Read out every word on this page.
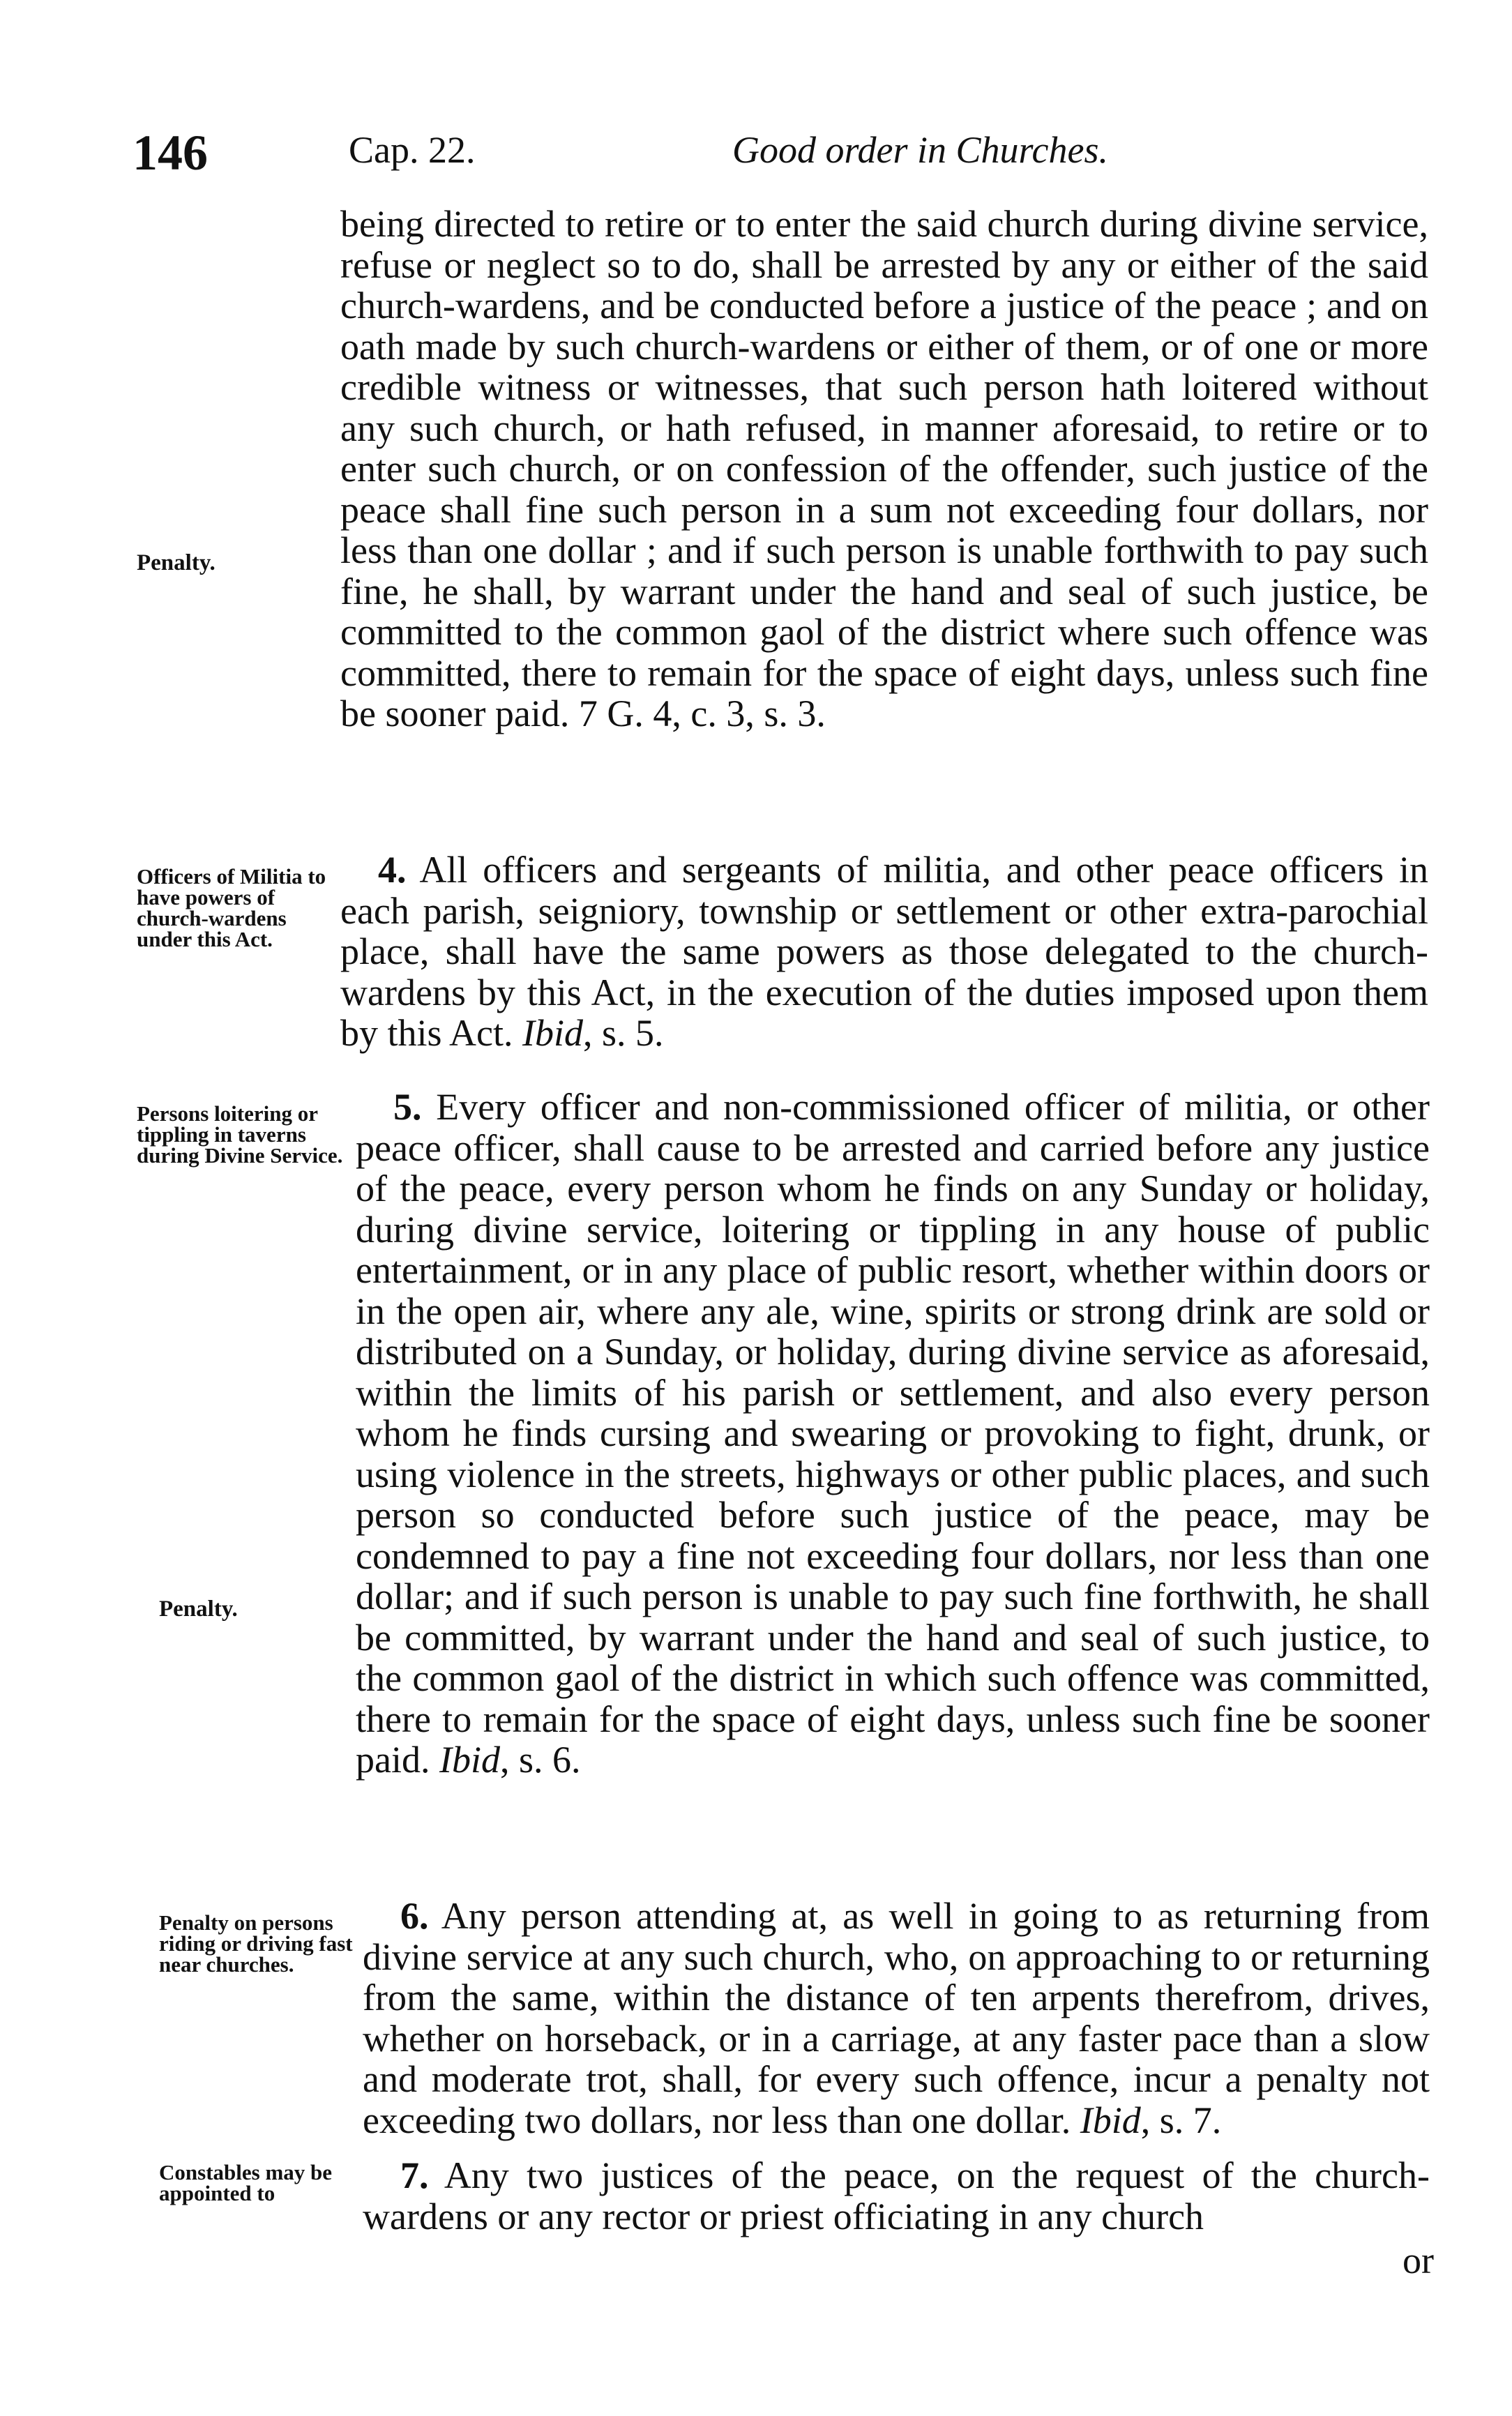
146	Cap. 22.	Good order in Churches.

being directed to retire or to enter the said church during divine service, refuse or neglect so to do, shall be arrested by any or either of the said church-wardens, and be conducted before a justice of the peace ; and on oath made by such church-wardens or either of them, or of one or more credible witness or witnesses, that such person hath loitered without any such church, or hath refused, in manner aforesaid, to retire or to enter such church, or on confession of the offender, such justice of the peace shall fine such person in a sum not exceeding four dollars, nor less than one dollar ; and if such person is unable forthwith to pay such fine, he shall, by warrant under the hand and seal of such justice, be committed to the common gaol of the district where such offence was committed, there to remain for the space of eight days, unless such fine be sooner paid. 7 G. 4, c. 3, s. 3.

Penalty.
Officers of Militia to have powers of church-wardens under this Act.

 4. All officers and sergeants of militia, and other peace officers in each parish, seigniory, township or settlement or other extra-parochial place, shall have the same powers as those delegated to the church-wardens by this Act, in the execution of the duties imposed upon them by this Act. Ibid, s. 5.

Persons loitering or tippling in taverns during Divine Service.

 5. Every officer and non-commissioned officer of militia, or other peace officer, shall cause to be arrested and carried before any justice of the peace, every person whom he finds on any Sunday or holiday, during divine service, loitering or tippling in any house of public entertainment, or in any place of public resort, whether within doors or in the open air, where any ale, wine, spirits or strong drink are sold or distributed on a Sunday, or holiday, during divine service as aforesaid, within the limits of his parish or settlement, and also every person whom he finds cursing and swearing or provoking to fight, drunk, or using violence in the streets, highways or other public places, and such person so conducted before such justice of the peace, may be condemned to pay a fine not exceeding four dollars, nor less than one dollar; and if such person is unable to pay such fine forthwith, he shall be committed, by warrant under the hand and seal of such justice, to the common gaol of the district in which such offence was committed, there to remain for the space of eight days, unless such fine be sooner paid. Ibid, s. 6.

Penalty.
Penalty on persons riding or driving fast near churches.

 6. Any person attending at, as well in going to as returning from divine service at any such church, who, on approaching to or returning from the same, within the distance of ten arpents therefrom, drives, whether on horseback, or in a carriage, at any faster pace than a slow and moderate trot, shall, for every such offence, incur a penalty not exceeding two dollars, nor less than one dollar. Ibid, s. 7.

Constables may be appointed to

 	7. Any two justices of the peace, on the request of the church-wardens or any rector or priest officiating in any church

or
